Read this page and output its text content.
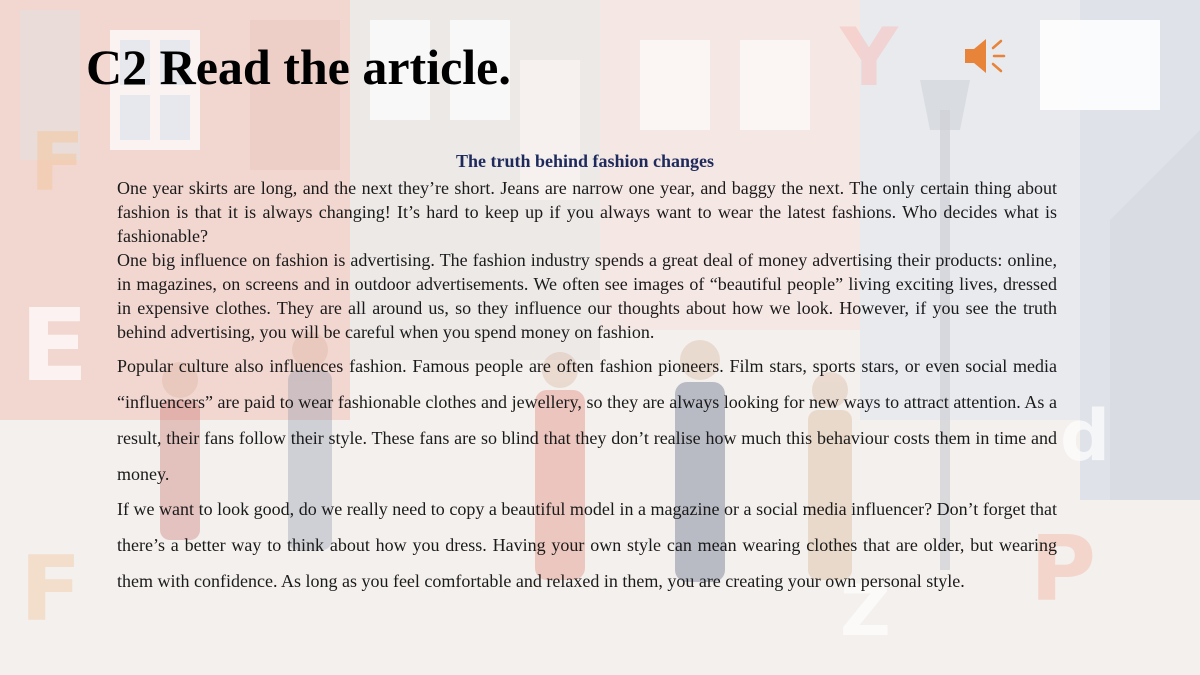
F
E
F
Y
P
d
Z
C2 Read the article.
The truth behind fashion changes

One year skirts are long, and the next they’re short. Jeans are narrow one year, and baggy the next. The only certain thing about fashion is that it is always changing! It’s hard to keep up if you always want to wear the latest fashions. Who decides what is fashionable?

One big influence on fashion is advertising. The fashion industry spends a great deal of money advertising their products: online, in magazines, on screens and in outdoor advertisements. We often see images of “beautiful people” living exciting lives, dressed in expensive clothes. They are all around us, so they influence our thoughts about how we look. However, if you see the truth behind advertising, you will be careful when you spend money on fashion.

Popular culture also influences fashion. Famous people are often fashion pioneers. Film stars, sports stars, or even social media “influencers” are paid to wear fashionable clothes and jewellery, so they are always looking for new ways to attract attention. As a result, their fans follow their style. These fans are so blind that they don’t realise how much this behaviour costs them in time and money.

If we want to look good, do we really need to copy a beautiful model in a magazine or a social media influencer? Don’t forget that there’s a better way to think about how you dress. Having your own style can mean wearing clothes that are older, but wearing them with confidence. As long as you feel comfortable and relaxed in them, you are creating your own personal style.
